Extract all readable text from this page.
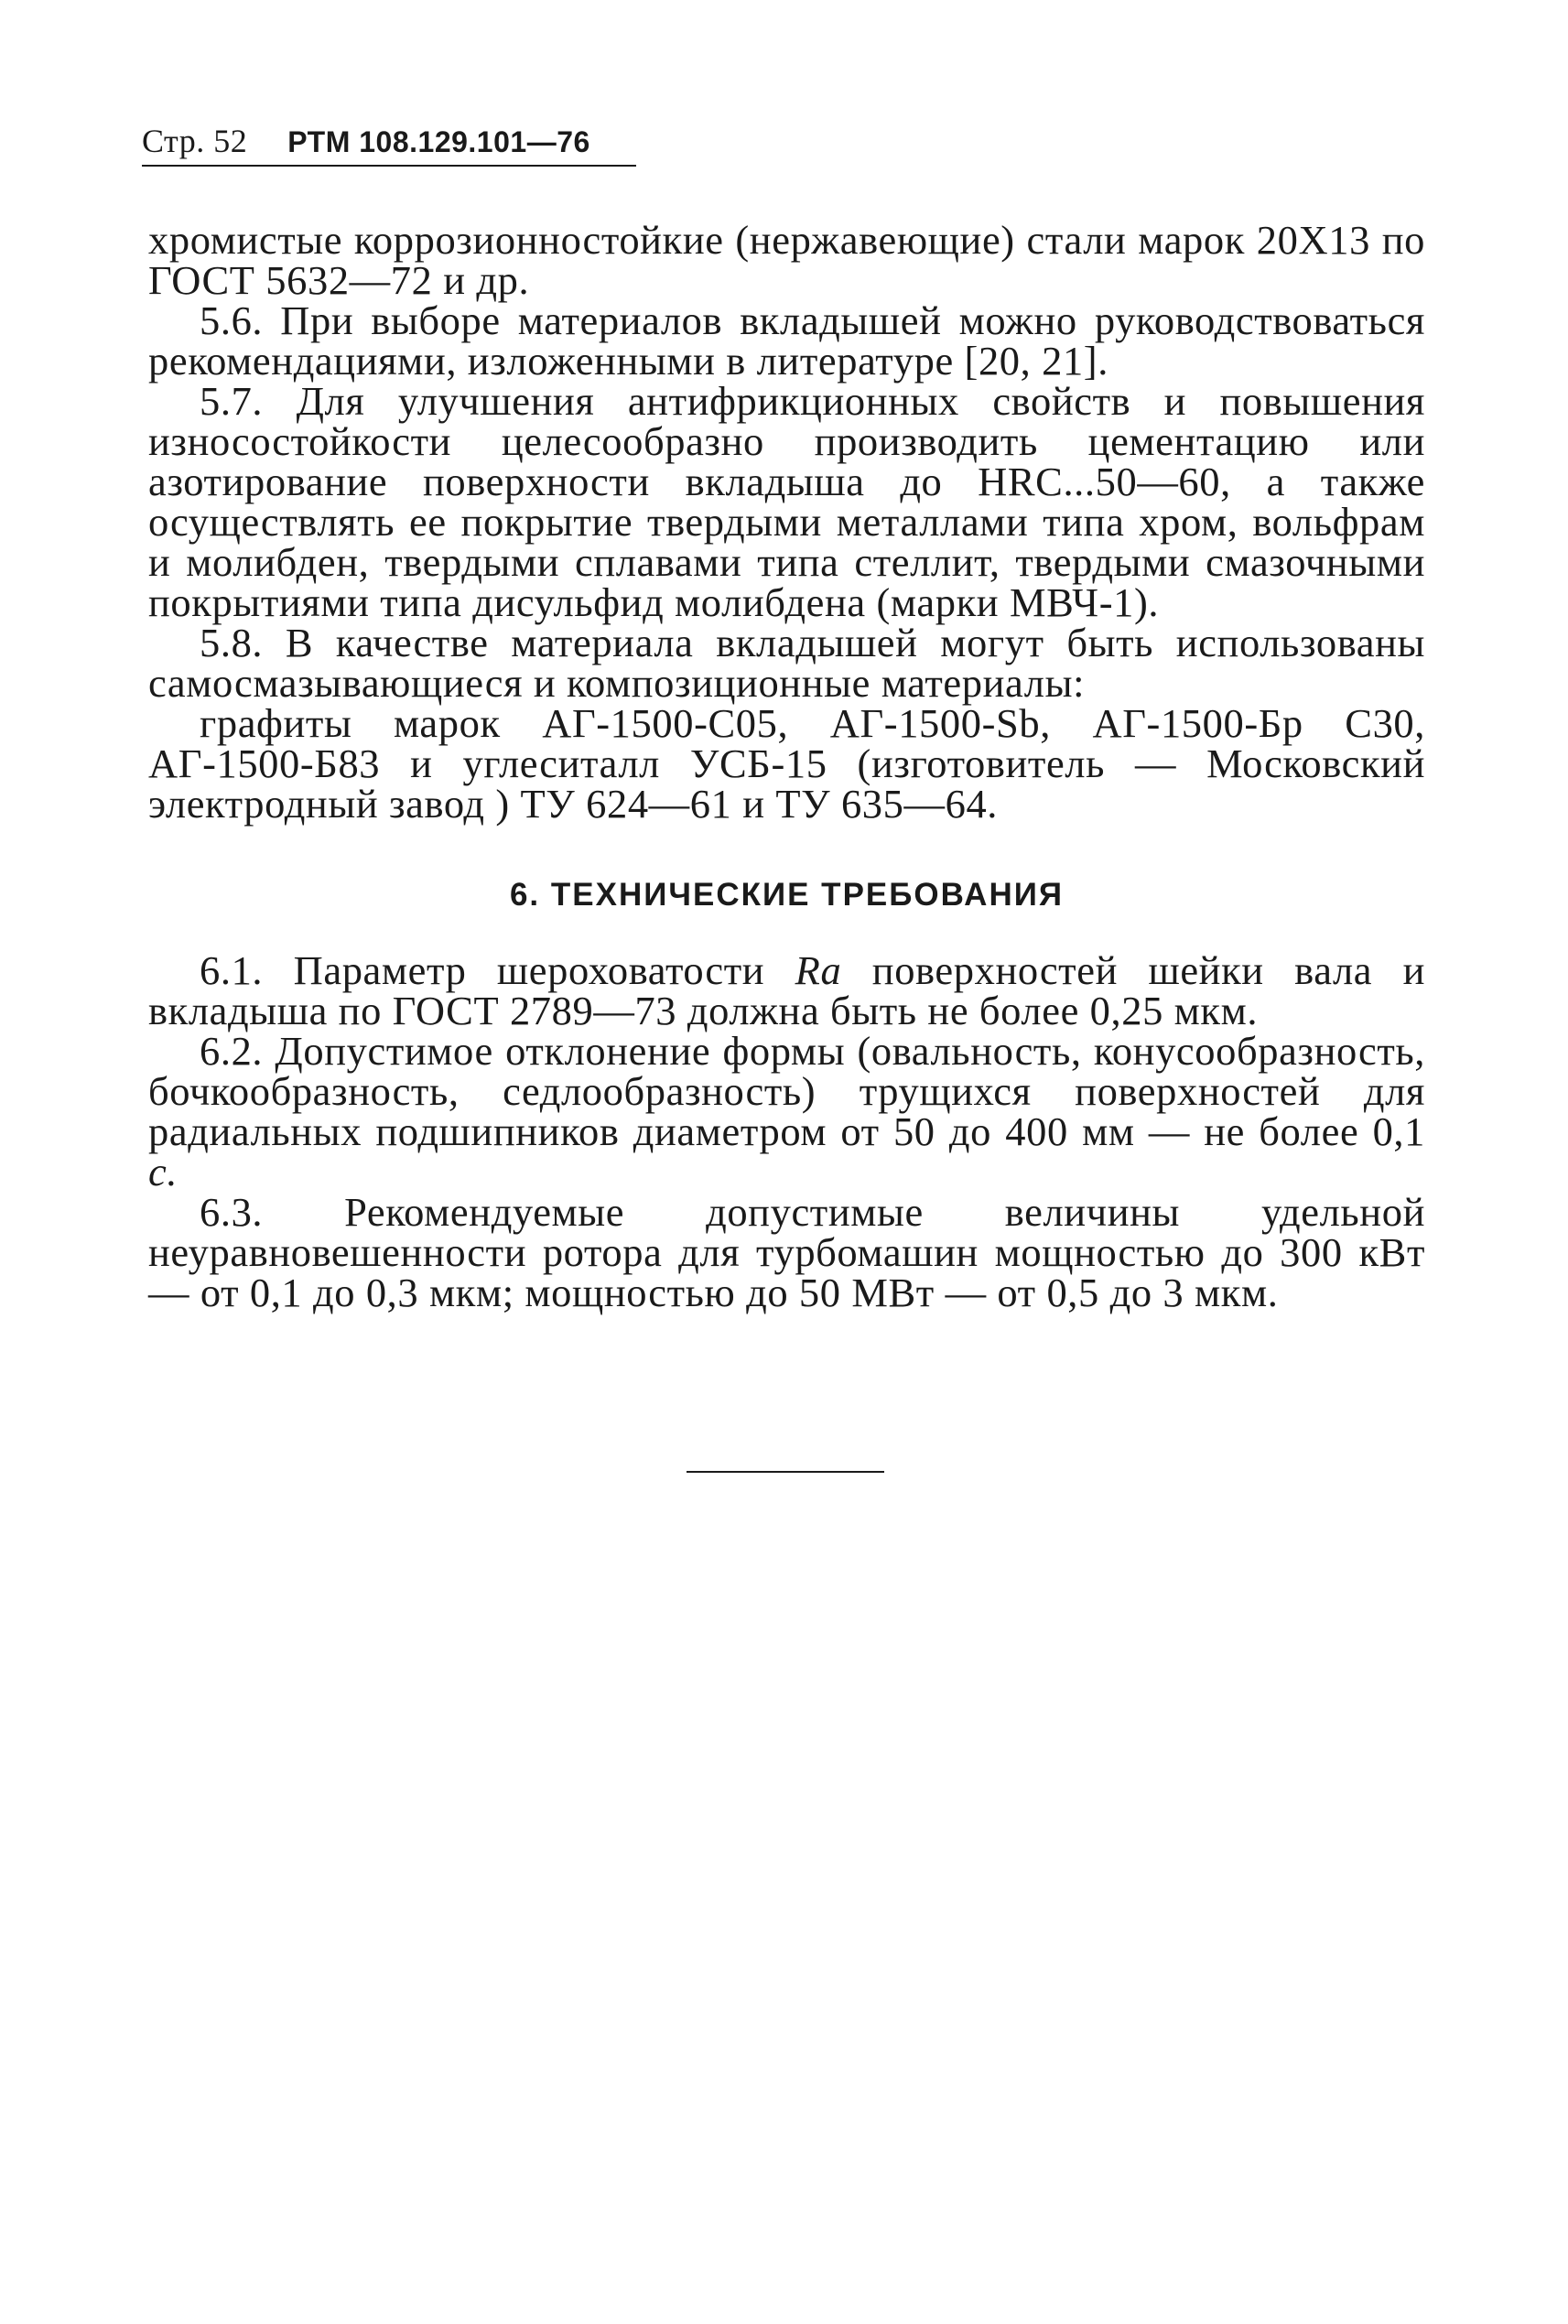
Стр. 52 РТМ 108.129.101—76

хромистые коррозионностойкие (нержавеющие) стали марок 20Х13 по ГОСТ 5632—72 и др.

5.6. При выборе материалов вкладышей можно руководствоваться рекомендациями, изложенными в литературе [20, 21].

5.7. Для улучшения антифрикционных свойств и повышения износостойкости целесообразно производить цементацию или азотирование поверхности вкладыша до HRC...50—60, а также осуществлять ее покрытие твердыми металлами типа хром, вольфрам и молибден, твердыми сплавами типа стеллит, твердыми смазочными покрытиями типа дисульфид молибдена (марки МВЧ-1).

5.8. В качестве материала вкладышей могут быть использованы самосмазывающиеся и композиционные материалы:

графиты марок АГ-1500-С05, АГ-1500-Sb, АГ-1500-Бр С30, АГ-1500-Б83 и углеситалл УСБ-15 (изготовитель — Московский электродный завод ) ТУ 624—61 и ТУ 635—64.

6. ТЕХНИЧЕСКИЕ ТРЕБОВАНИЯ

6.1. Параметр шероховатости Ra поверхностей шейки вала и вкладыша по ГОСТ 2789—73 должна быть не более 0,25 мкм.

6.2. Допустимое отклонение формы (овальность, конусообразность, бочкообразность, седлообразность) трущихся поверхностей для радиальных подшипников диаметром от 50 до 400 мм — не более 0,1 с.

6.3. Рекомендуемые допустимые величины удельной неуравновешенности ротора для турбомашин мощностью до 300 кВт — от 0,1 до 0,3 мкм; мощностью до 50 МВт — от 0,5 до 3 мкм.
